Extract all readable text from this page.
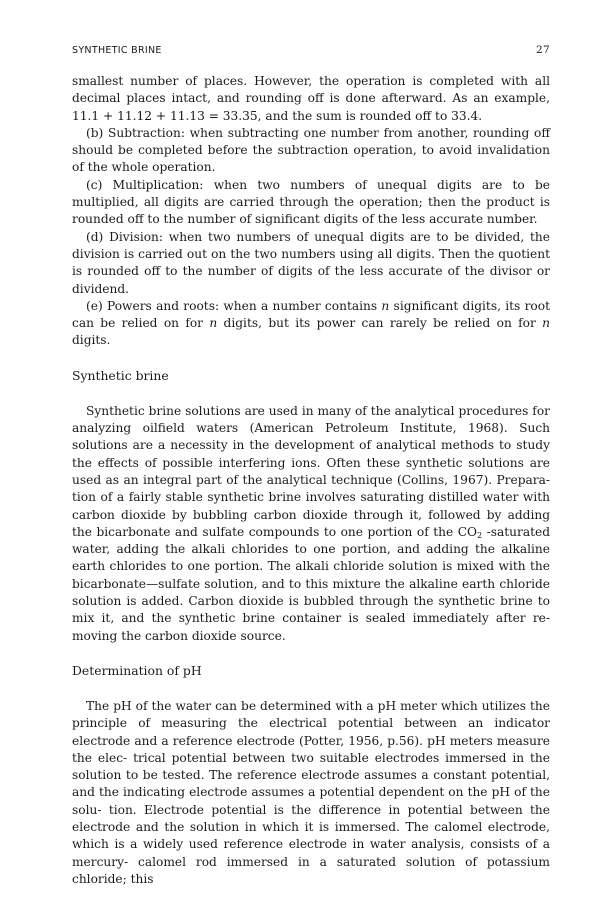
SYNTHETIC BRINE	27

smallest number of places. However, the operation is completed with all decimal places intact, and rounding off is done afterward. As an example, 11.1 + 11.12 + 11.13 = 33.35, and the sum is rounded off to 33.4.

(b) Subtraction: when subtracting one number from another, rounding off should be completed before the subtraction operation, to avoid invalidation of the whole operation.

(c) Multiplication: when two numbers of unequal digits are to be multiplied, all digits are carried through the operation; then the product is rounded off to the number of significant digits of the less accurate number.

(d) Division: when two numbers of unequal digits are to be divided, the division is carried out on the two numbers using all digits. Then the quotient is rounded off to the number of digits of the less accurate of the divisor or dividend.

(e) Powers and roots: when a number contains n significant digits, its root can be relied on for n digits, but its power can rarely be relied on for n digits.

Synthetic brine

Synthetic brine solutions are used in many of the analytical procedures for analyzing oilfield waters (American Petroleum Institute, 1968). Such solutions are a necessity in the development of analytical methods to study the effects of possible interfering ions. Often these synthetic solutions are used as an integral part of the analytical technique (Collins, 1967). Prepara- tion of a fairly stable synthetic brine involves saturating distilled water with carbon dioxide by bubbling carbon dioxide through it, followed by adding the bicarbonate and sulfate compounds to one portion of the $CO_2$ -saturated water, adding the alkali chlorides to one portion, and adding the alkaline earth chlorides to one portion. The alkali chloride solution is mixed with the bicarbonate—sulfate solution, and to this mixture the alkaline earth chloride solution is added. Carbon dioxide is bubbled through the synthetic brine to mix it, and the synthetic brine container is sealed immediately after re- moving the carbon dioxide source.

Determination of pH

The pH of the water can be determined with a pH meter which utilizes the principle of measuring the electrical potential between an indicator electrode and a reference electrode (Potter, 1956, p.56). pH meters measure the elec- trical potential between two suitable electrodes immersed in the solution to be tested. The reference electrode assumes a constant potential, and the indicating electrode assumes a potential dependent on the pH of the solu- tion. Electrode potential is the difference in potential between the electrode and the solution in which it is immersed. The calomel electrode, which is a widely used reference electrode in water analysis, consists of a mercury- calomel rod immersed in a saturated solution of potassium chloride; this
